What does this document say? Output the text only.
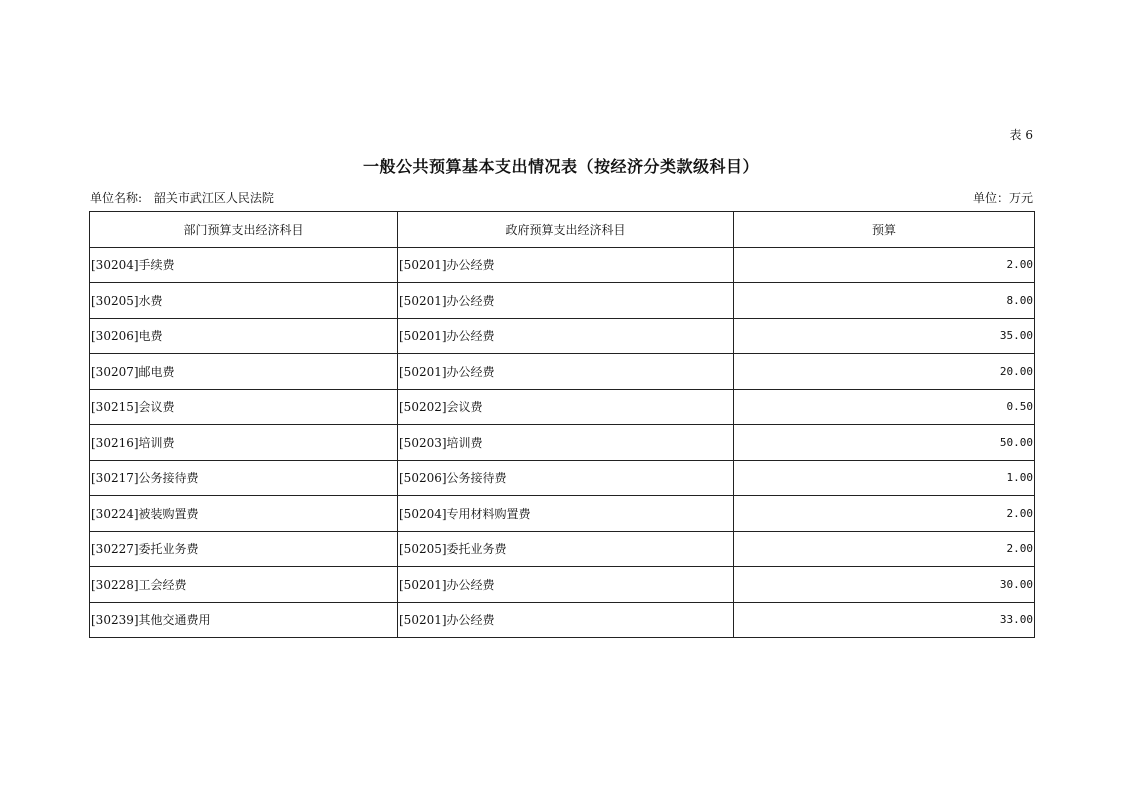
表 6
一般公共预算基本支出情况表（按经济分类款级科目）
单位名称: 韶关市武江区人民法院	单位：万元
部门预算支出经济科目	政府预算支出经济科目	预算
[30204]手续费	[50201]办公经费	2.00
[30205]水费	[50201]办公经费	8.00
[30206]电费	[50201]办公经费	35.00
[30207]邮电费	[50201]办公经费	20.00
[30215]会议费	[50202]会议费	0.50
[30216]培训费	[50203]培训费	50.00
[30217]公务接待费	[50206]公务接待费	1.00
[30224]被装购置费	[50204]专用材料购置费	2.00
[30227]委托业务费	[50205]委托业务费	2.00
[30228]工会经费	[50201]办公经费	30.00
[30239]其他交通费用	[50201]办公经费	33.00
